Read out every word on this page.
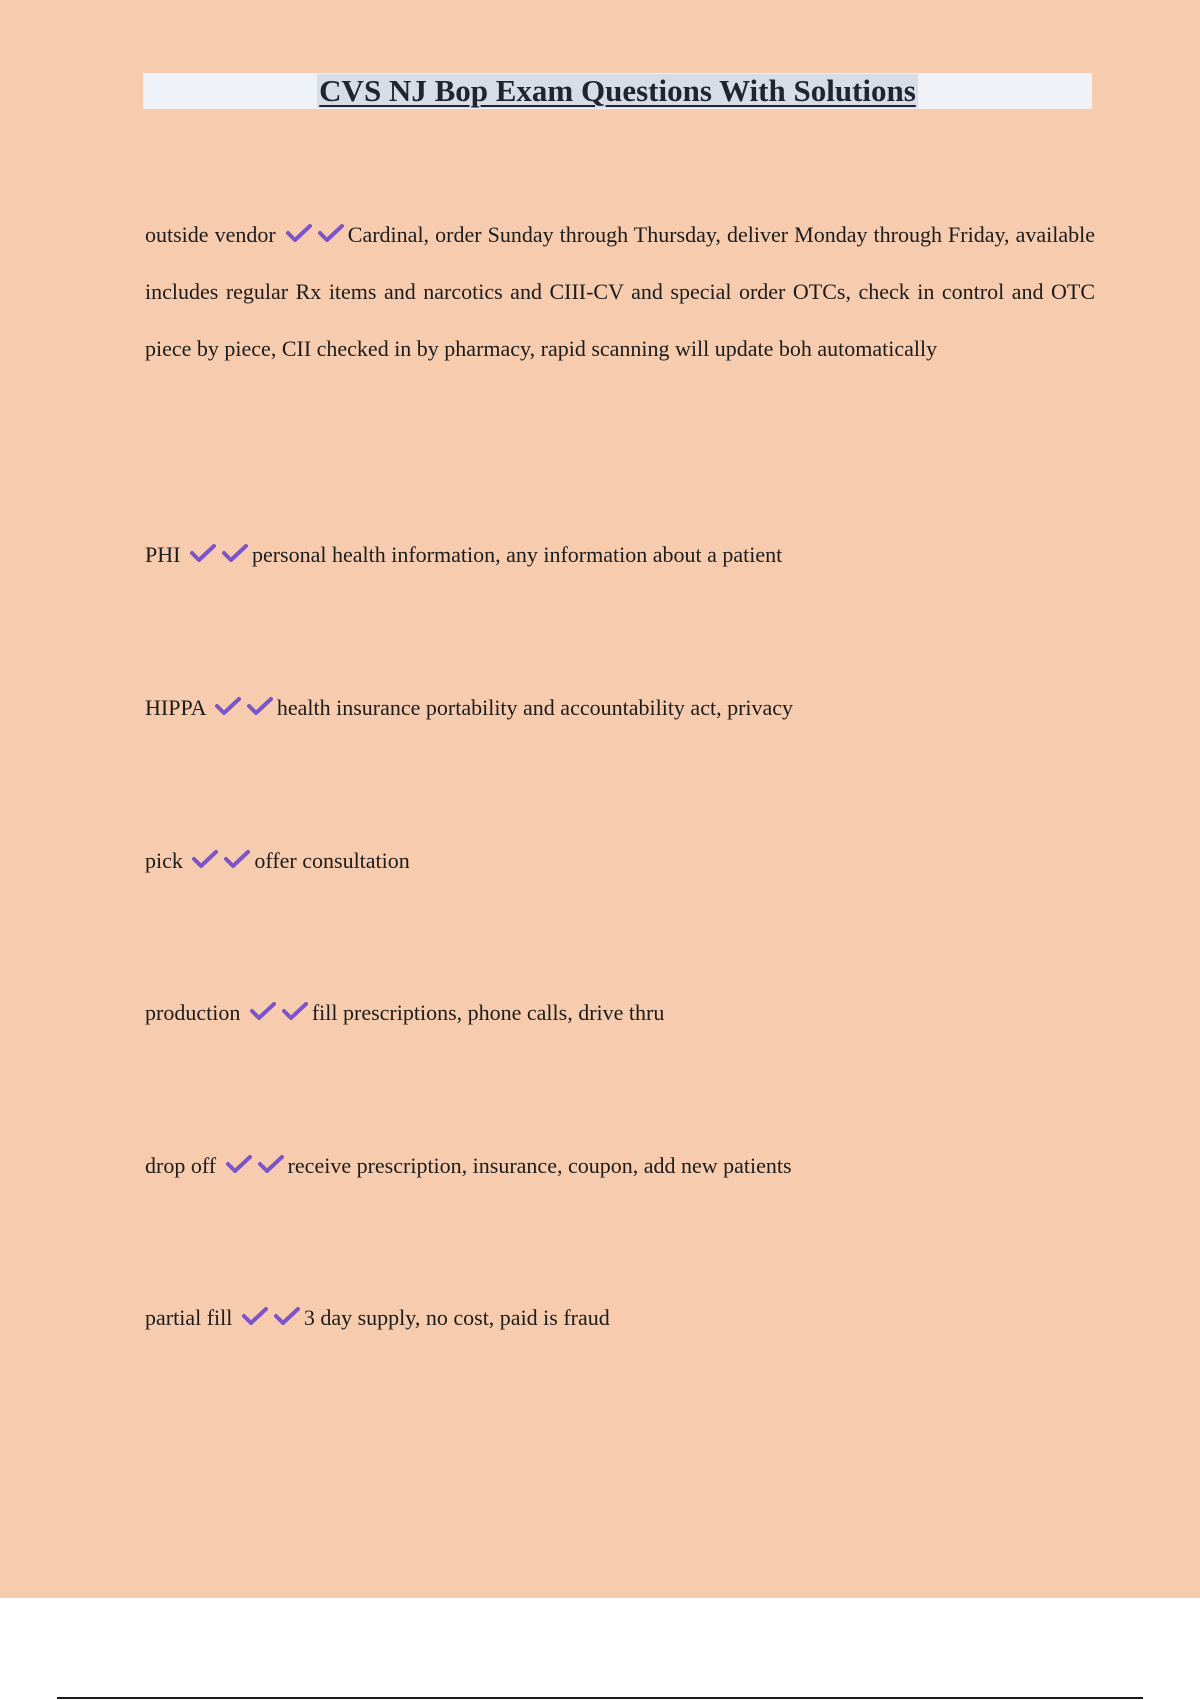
CVS NJ Bop Exam Questions With Solutions

outside vendor	Cardinal, order Sunday through Thursday, deliver Monday through Friday, available includes regular Rx items and narcotics and CIII-CV and special order OTCs, check in control and OTC piece by piece, CII checked in by pharmacy, rapid scanning will update boh automatically

PHI	personal health information, any information about a patient

HIPPA	health insurance portability and accountability act, privacy

pick	offer consultation

production	fill prescriptions, phone calls, drive thru

drop off	receive prescription, insurance, coupon, add new patients

partial fill	3 day supply, no cost, paid is fraud
